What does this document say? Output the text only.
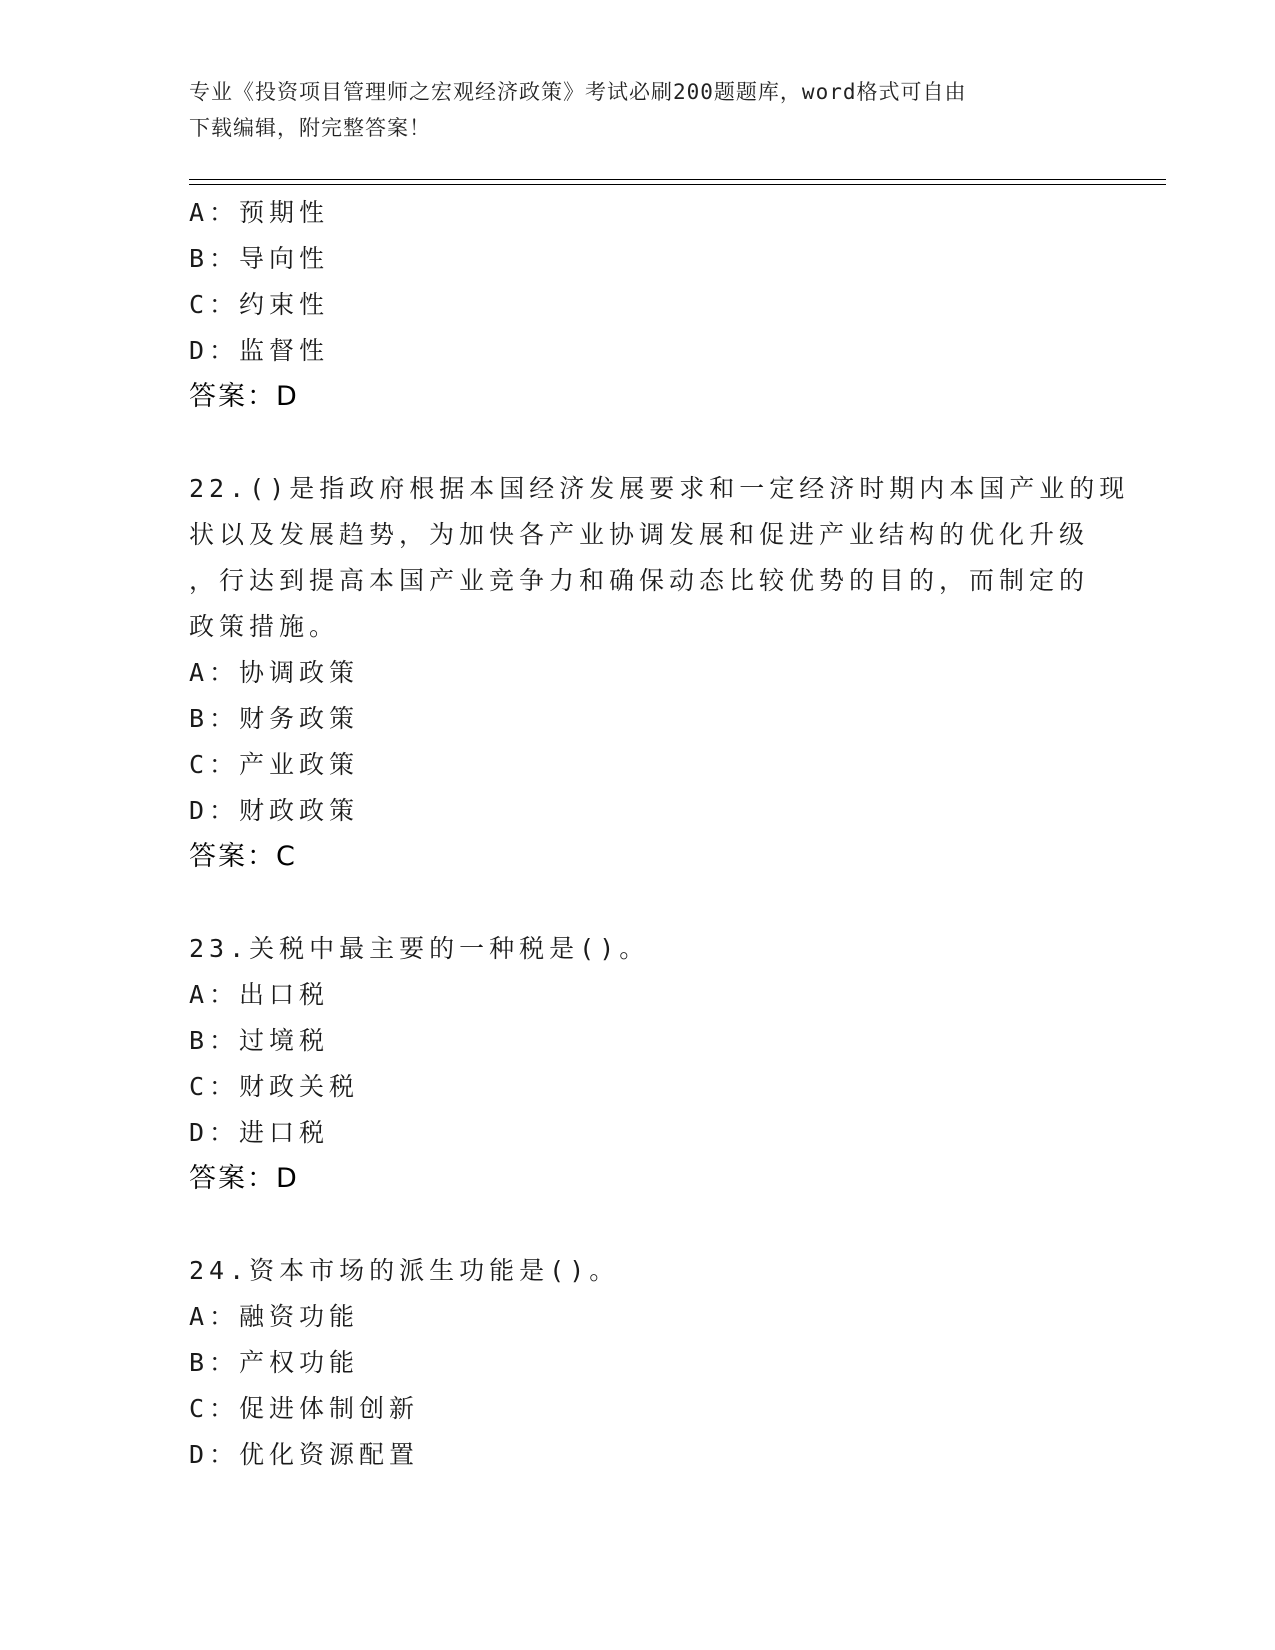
专业《投资项目管理师之宏观经济政策》考试必刷200题题库，word格式可自由
下载编辑，附完整答案！
A：预期性
B：导向性
C：约束性
D：监督性
答案：D
22.()是指政府根据本国经济发展要求和一定经济时期内本国产业的现
状以及发展趋势，为加快各产业协调发展和促进产业结构的优化升级
，行达到提高本国产业竞争力和确保动态比较优势的目的，而制定的
政策措施。
A：协调政策
B：财务政策
C：产业政策
D：财政政策
答案：C
23.关税中最主要的一种税是()。
A：出口税
B：过境税
C：财政关税
D：进口税
答案：D
24.资本市场的派生功能是()。
A：融资功能
B：产权功能
C：促进体制创新
D：优化资源配置
